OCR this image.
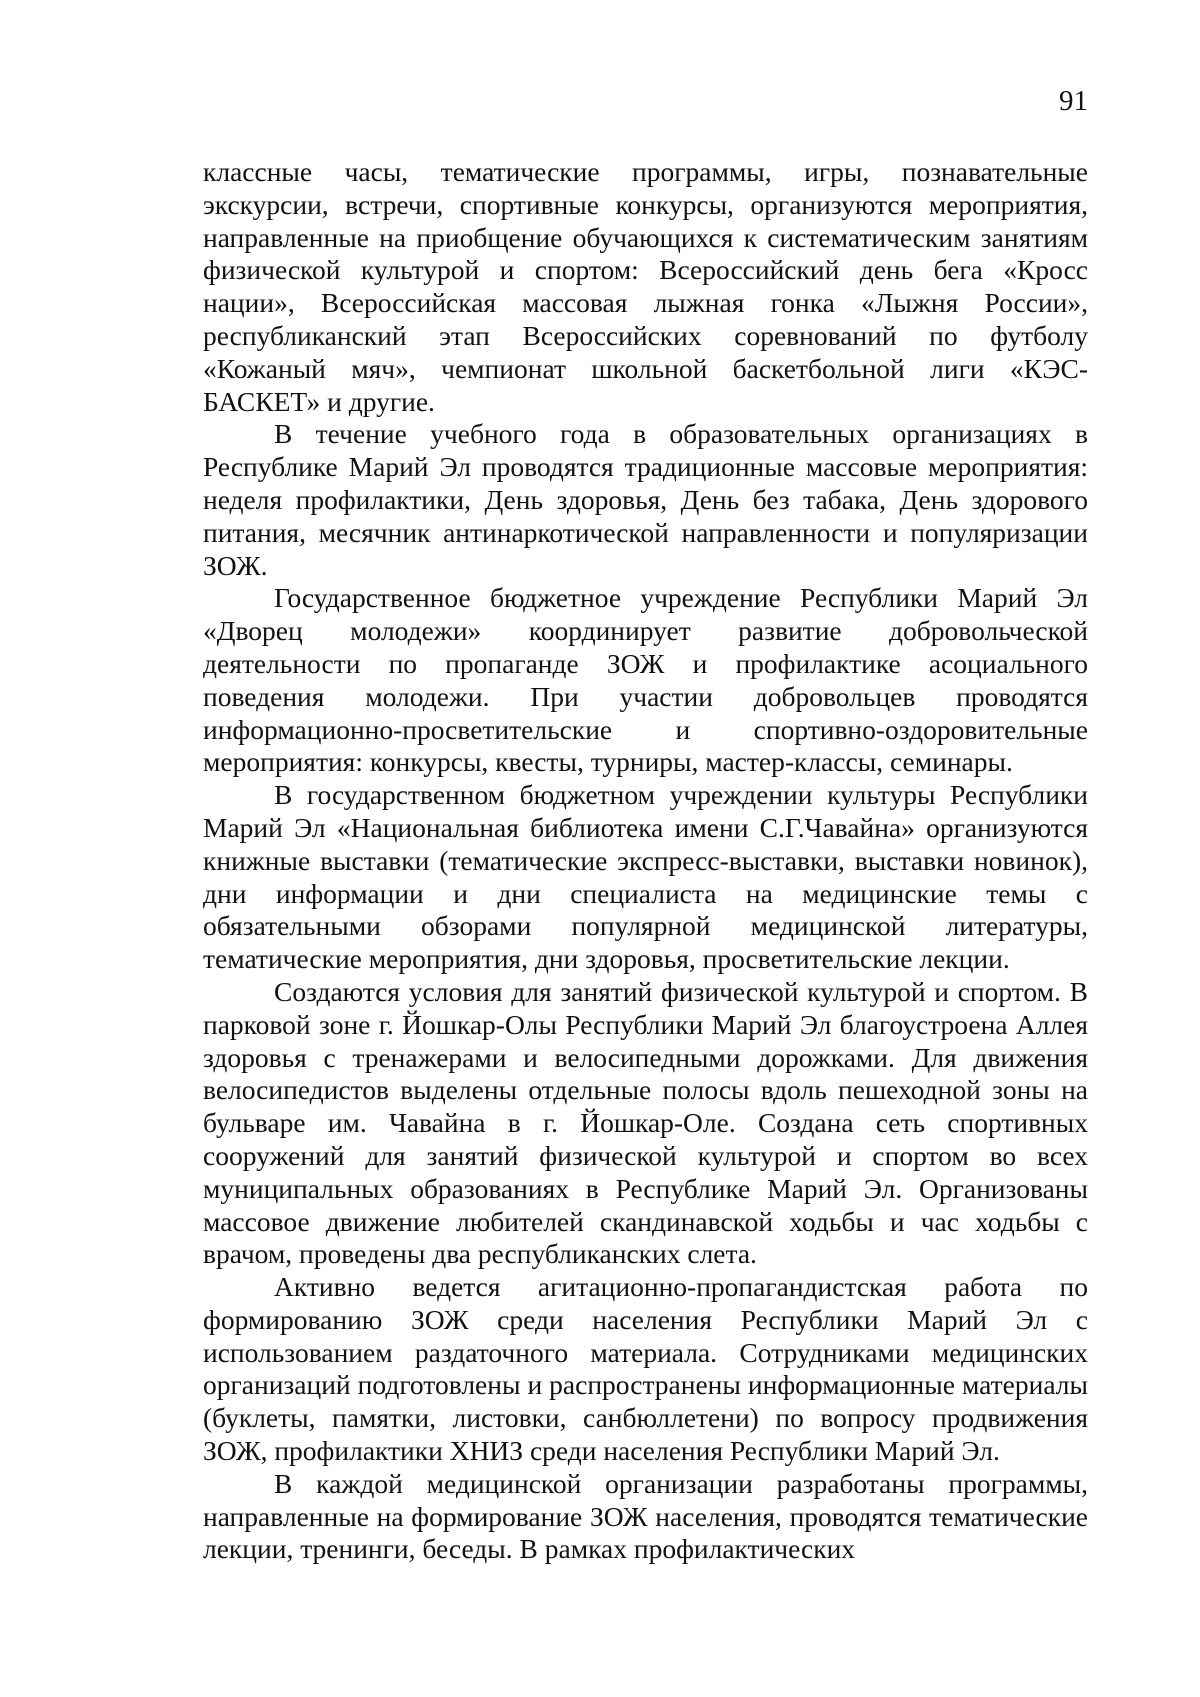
91

классные часы, тематические программы, игры, познавательные экскурсии, встречи, спортивные конкурсы, организуются мероприятия, направленные на приобщение обучающихся к систематическим занятиям физической культурой и спортом: Всероссийский день бега «Кросс нации», Всероссийская массовая лыжная гонка «Лыжня России», республиканский этап Всероссийских соревнований по футболу «Кожаный мяч», чемпионат школьной баскетбольной лиги «КЭС-БАСКЕТ» и другие.

В течение учебного года в образовательных организациях в Республике Марий Эл проводятся традиционные массовые мероприятия: неделя профилактики, День здоровья, День без табака, День здорового питания, месячник антинаркотической направленности и популяризации ЗОЖ.

Государственное бюджетное учреждение Республики Марий Эл «Дворец молодежи» координирует развитие добровольческой деятельности по пропаганде ЗОЖ и профилактике асоциального поведения молодежи. При участии добровольцев проводятся информационно-просветительские и спортивно-оздоровительные мероприятия: конкурсы, квесты, турниры, мастер-классы, семинары.

В государственном бюджетном учреждении культуры Республики Марий Эл «Национальная библиотека имени С.Г.Чавайна» организуются книжные выставки (тематические экспресс-выставки, выставки новинок), дни информации и дни специалиста на медицинские темы с обязательными обзорами популярной медицинской литературы, тематические мероприятия, дни здоровья, просветительские лекции.

Создаются условия для занятий физической культурой и спортом. В парковой зоне г. Йошкар-Олы Республики Марий Эл благоустроена Аллея здоровья с тренажерами и велосипедными дорожками. Для движения велосипедистов выделены отдельные полосы вдоль пешеходной зоны на бульваре им. Чавайна в г. Йошкар-Оле. Создана сеть спортивных сооружений для занятий физической культурой и спортом во всех муниципальных образованиях в Республике Марий Эл. Организованы массовое движение любителей скандинавской ходьбы и час ходьбы с врачом, проведены два республиканских слета.

Активно ведется агитационно-пропагандистская работа по формированию ЗОЖ среди населения Республики Марий Эл с использованием раздаточного материала. Сотрудниками медицинских организаций подготовлены и распространены информационные материалы (буклеты, памятки, листовки, санбюллетени) по вопросу продвижения ЗОЖ, профилактики ХНИЗ среди населения Республики Марий Эл.

В каждой медицинской организации разработаны программы, направленные на формирование ЗОЖ населения, проводятся тематические лекции, тренинги, беседы. В рамках профилактических
